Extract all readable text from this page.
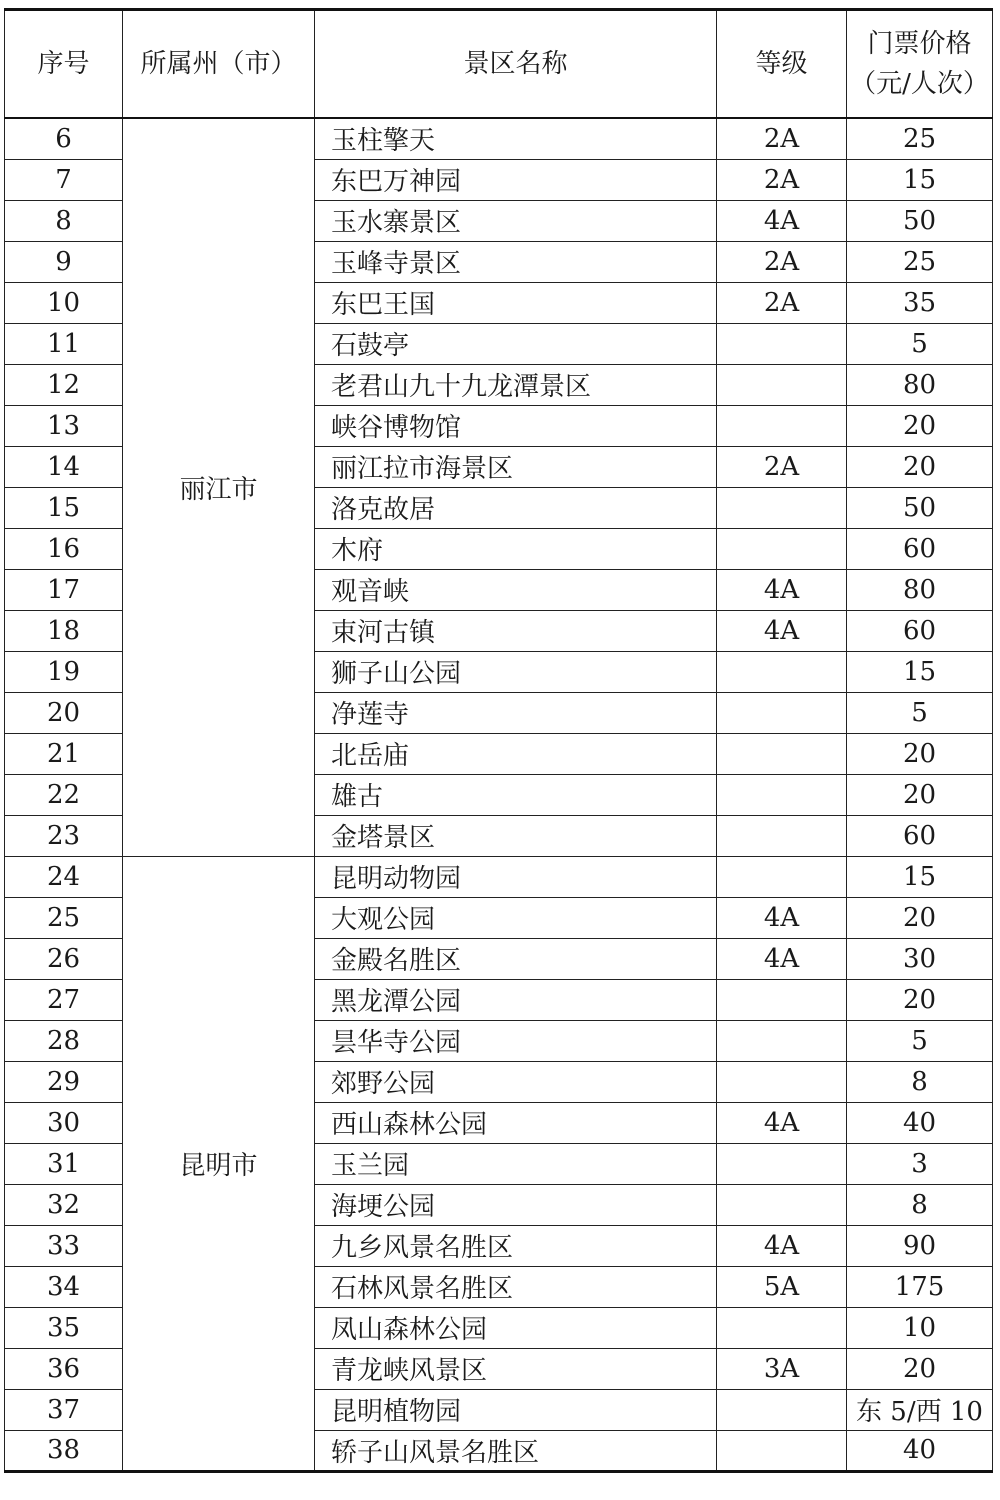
序号	所属州（市）	景区名称	等级	门票价格
（元/人次）

6	丽江市	玉柱擎天	2A	25
7		东巴万神园	2A	15
8		玉水寨景区	4A	50
9		玉峰寺景区	2A	25
10		东巴王国	2A	35
11		石鼓亭		5
12		老君山九十九龙潭景区		80
13		峡谷博物馆		20
14		丽江拉市海景区	2A	20
15		洛克故居		50
16		木府		60
17		观音峡	4A	80
18		束河古镇	4A	60
19		狮子山公园		15
20		净莲寺		5
21		北岳庙		20
22		雄古		20
23		金塔景区		60
24	昆明市	昆明动物园		15
25		大观公园	4A	20
26		金殿名胜区	4A	30
27		黑龙潭公园		20
28		昙华寺公园		5
29		郊野公园		8
30		西山森林公园	4A	40
31		玉兰园		3
32		海埂公园		8
33		九乡风景名胜区	4A	90
34		石林风景名胜区	5A	175
35		凤山森林公园		10
36		青龙峡风景区	3A	20
37		昆明植物园		东 5/西 10
38		轿子山风景名胜区		40
